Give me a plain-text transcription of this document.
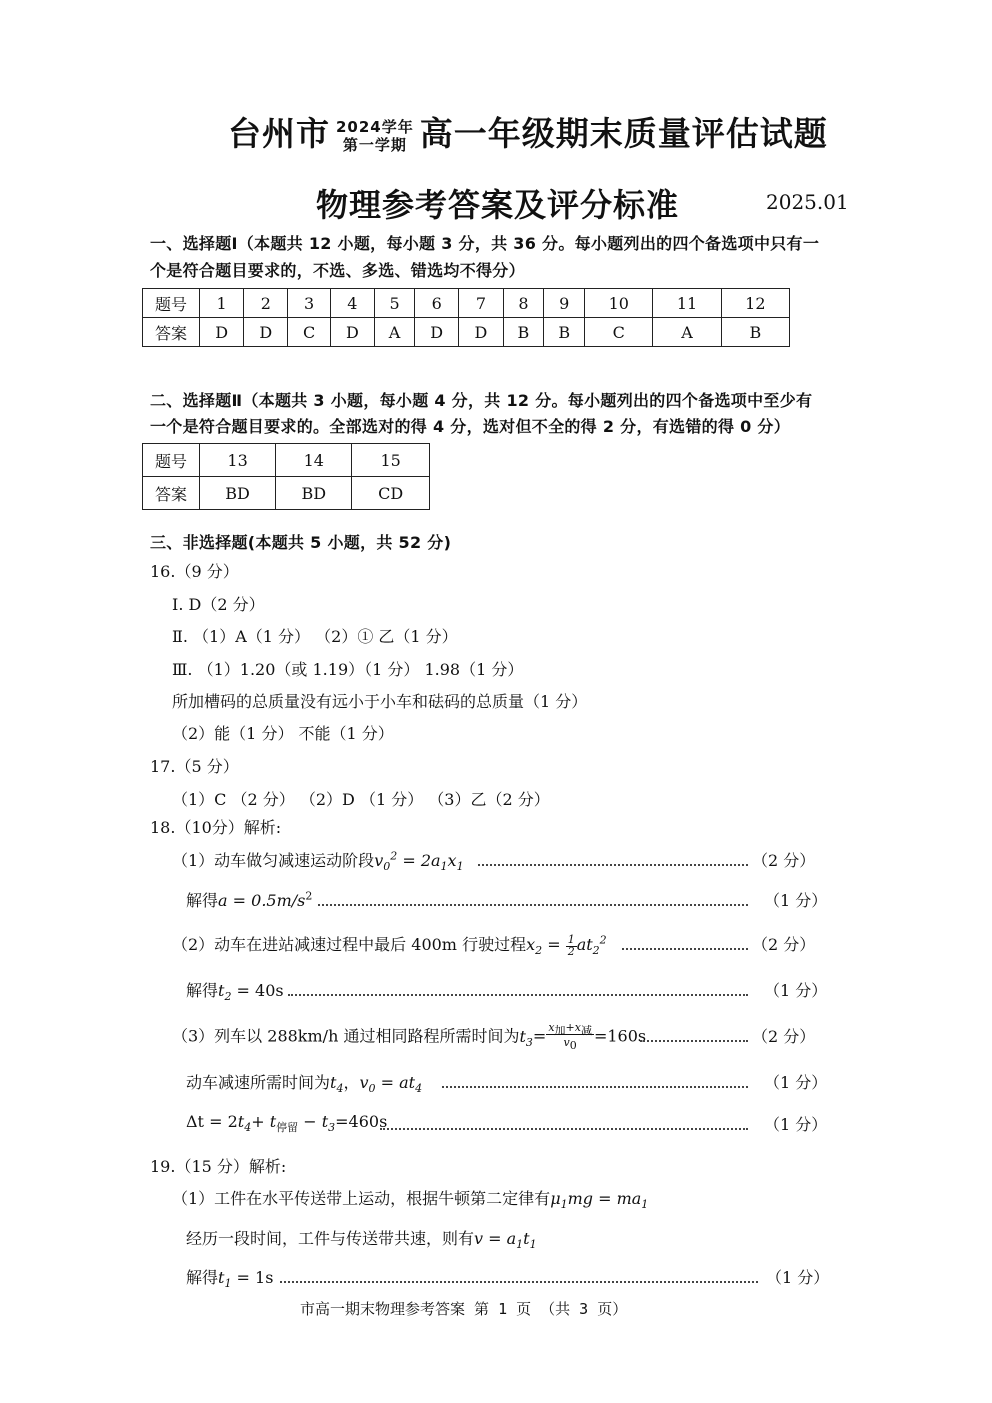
台州市 2024学年
第一学期 高一年级期末质量评估试题
物理参考答案及评分标准	2025.01
一、选择题Ⅰ（本题共 12 小题，每小题 3 分，共 36 分。每小题列出的四个备选项中只有一
个是符合题目要求的，不选、多选、错选均不得分）
题号	1	2	3	4	5	6	7	8	9	10	11	12
答案	D	D	C	D	A	D	D	B	B	C	A	B
二、选择题Ⅱ（本题共 3 小题，每小题 4 分，共 12 分。每小题列出的四个备选项中至少有
一个是符合题目要求的。全部选对的得 4 分，选对但不全的得 2 分，有选错的得 0 分）
题号	13	14	15
答案	BD	BD	CD
三、非选择题(本题共 5 小题，共 52 分)
16.（9 分）
Ⅰ. D（2 分）
Ⅱ. （1）A（1 分） （2）① 乙（1 分）
Ⅲ. （1）1.20（或 1.19）（1 分） 1.98（1 分）
所加槽码的总质量没有远小于小车和砝码的总质量（1 分）
（2）能（1 分） 不能（1 分）
17.（5 分）
（1）C （2 分） （2）D （1 分） （3）乙（2 分）
18.（10分）解析:
（1）动车做匀减速运动阶段$v_0^2 = 2a_1x_1$	（2 分）
解得$a = 0.5m/s^2$	（1 分）
（2）动车在进站减速过程中最后 400m 行驶过程$x_2 = 1$
2 $at_2^2$	（2 分）
解得$t_2 = 40s$	（1 分）
（3）列车以 288km/h 通过相同路程所需时间为$t_3= x_加+x_减$
$v_0=160s$	（2 分）
动车减速所需时间为$t_4$，$v_0 = at_4$	（1 分）
$\Delta t = 2t_4+ t_{停留} - t_3=460s$	（1 分）
19.（15 分）解析:
（1）工件在水平传送带上运动，根据牛顿第二定律有$\mu_1mg = ma_1$
经历一段时间，工件与传送带共速，则有$v = a_1t_1$
解得$t_1 = 1s$	（1 分）
市高一期末物理参考答案 第 1 页 （共 3 页）
